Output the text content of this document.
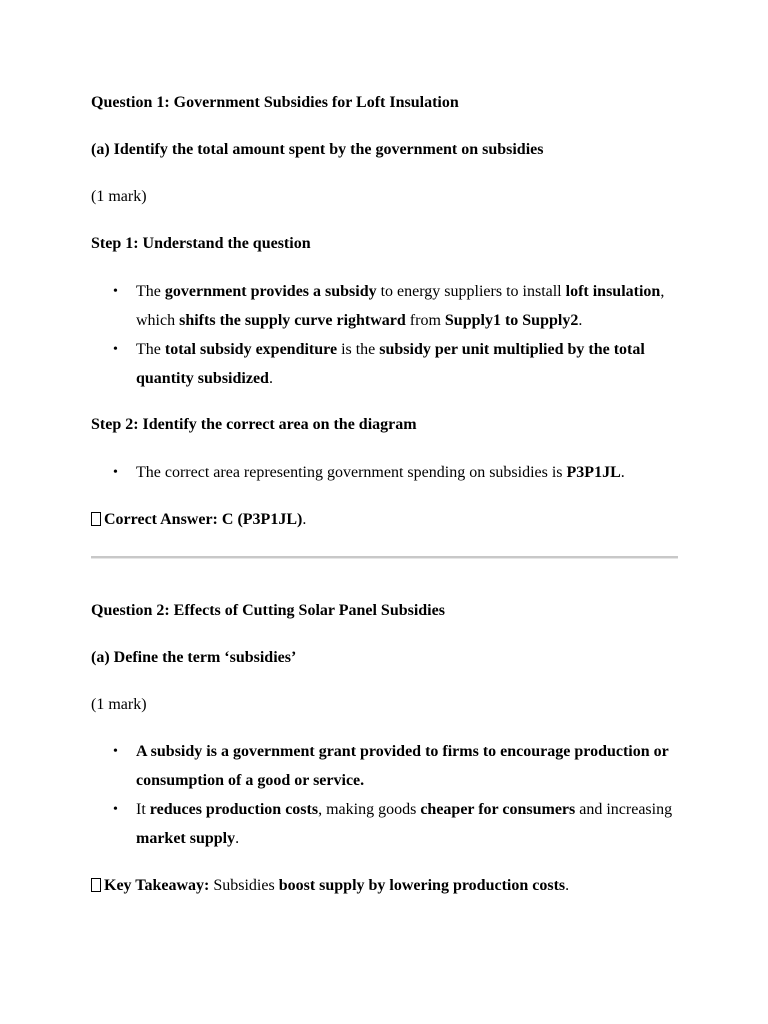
Question 1: Government Subsidies for Loft Insulation
(a) Identify the total amount spent by the government on subsidies
(1 mark)
Step 1: Understand the question
• The government provides a subsidy to energy suppliers to install loft insulation, which shifts the supply curve rightward from Supply1 to Supply2.
• The total subsidy expenditure is the subsidy per unit multiplied by the total quantity subsidized.
Step 2: Identify the correct area on the diagram
• The correct area representing government spending on subsidies is P3P1JL.
Correct Answer: C (P3P1JL).
Question 2: Effects of Cutting Solar Panel Subsidies
(a) Define the term ‘subsidies’
(1 mark)
• A subsidy is a government grant provided to firms to encourage production or consumption of a good or service.
• It reduces production costs, making goods cheaper for consumers and increasing market supply.
Key Takeaway: Subsidies boost supply by lowering production costs.
